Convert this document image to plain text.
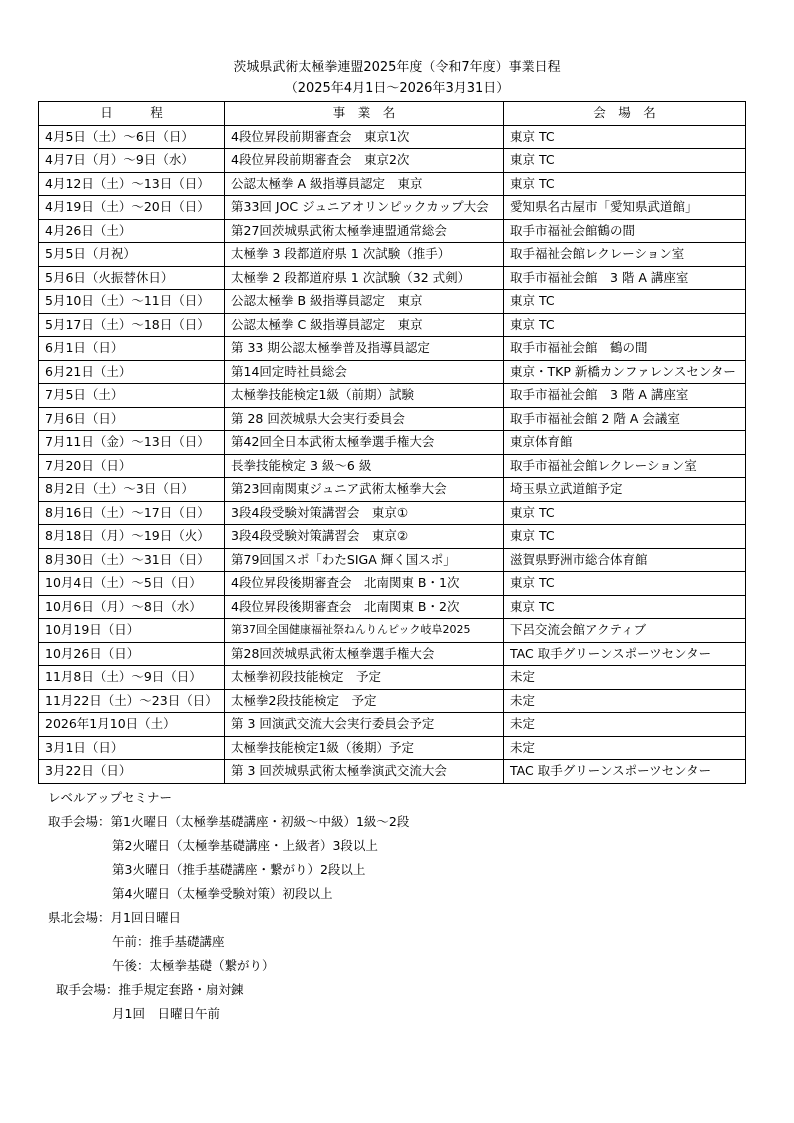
茨城県武術太極拳連盟2025年度（令和7年度）事業日程
（2025年4月1日～2026年3月31日）
日　　　程	事　業　名	会　場　名
4月5日（土）～6日（日）	4段位昇段前期審査会　東京1次	東京 TC
4月7日（月）～9日（水）	4段位昇段前期審査会　東京2次	東京 TC
4月12日（土）～13日（日）	公認太極拳 A 級指導員認定　東京	東京 TC
4月19日（土）～20日（日）	第33回 JOC ジュニアオリンピックカップ大会	愛知県名古屋市「愛知県武道館」
4月26日（土）	第27回茨城県武術太極拳連盟通常総会	取手市福祉会館鶴の間
5月5日（月祝）	太極拳 3 段都道府県 1 次試験（推手）	取手福祉会館レクレーション室
5月6日（火振替休日）	太極拳 2 段都道府県 1 次試験（32 式剣）	取手市福祉会館　3 階 A 講座室
5月10日（土）～11日（日）	公認太極拳 B 級指導員認定　東京	東京 TC
5月17日（土）～18日（日）	公認太極拳 C 級指導員認定　東京	東京 TC
6月1日（日）	第 33 期公認太極拳普及指導員認定	取手市福祉会館　鶴の間
6月21日（土）	第14回定時社員総会	東京・TKP 新橋カンファレンスセンター
7月5日（土）	太極拳技能検定1級（前期）試験	取手市福祉会館　3 階 A 講座室
7月6日（日）	第 28 回茨城県大会実行委員会	取手市福祉会館 2 階 A 会議室
7月11日（金）～13日（日）	第42回全日本武術太極拳選手権大会	東京体育館
7月20日（日）	長拳技能検定 3 級～6 級	取手市福祉会館レクレーション室
8月2日（土）～3日（日）	第23回南関東ジュニア武術太極拳大会	埼玉県立武道館予定
8月16日（土）～17日（日）	3段4段受験対策講習会　東京①	東京 TC
8月18日（月）～19日（火）	3段4段受験対策講習会　東京②	東京 TC
8月30日（土）～31日（日）	第79回国スポ「わたSIGA 輝く国スポ」	滋賀県野洲市総合体育館
10月4日（土）～5日（日）	4段位昇段後期審査会　北南関東 B・1次	東京 TC
10月6日（月）～8日（水）	4段位昇段後期審査会　北南関東 B・2次	東京 TC
10月19日（日）	第37回全国健康福祉祭ねんりんピック岐阜2025	下呂交流会館アクティブ
10月26日（日）	第28回茨城県武術太極拳選手権大会	TAC 取手グリーンスポーツセンター
11月8日（土）～9日（日）	太極拳初段技能検定　予定	未定
11月22日（土）～23日（日）	太極拳2段技能検定　予定	未定
2026年1月10日（土）	第 3 回演武交流大会実行委員会予定	未定
3月1日（日）	太極拳技能検定1級（後期）予定	未定
3月22日（日）	第 3 回茨城県武術太極拳演武交流大会	TAC 取手グリーンスポーツセンター
レベルアップセミナー
取手会場：第1火曜日（太極拳基礎講座・初級～中級）1級～2段
第2火曜日（太極拳基礎講座・上級者）3段以上
第3火曜日（推手基礎講座・繋がり）2段以上
第4火曜日（太極拳受験対策）初段以上
県北会場：月1回日曜日
午前：推手基礎講座
午後：太極拳基礎（繋がり）
取手会場：推手規定套路・扇対錬
月1回　日曜日午前
